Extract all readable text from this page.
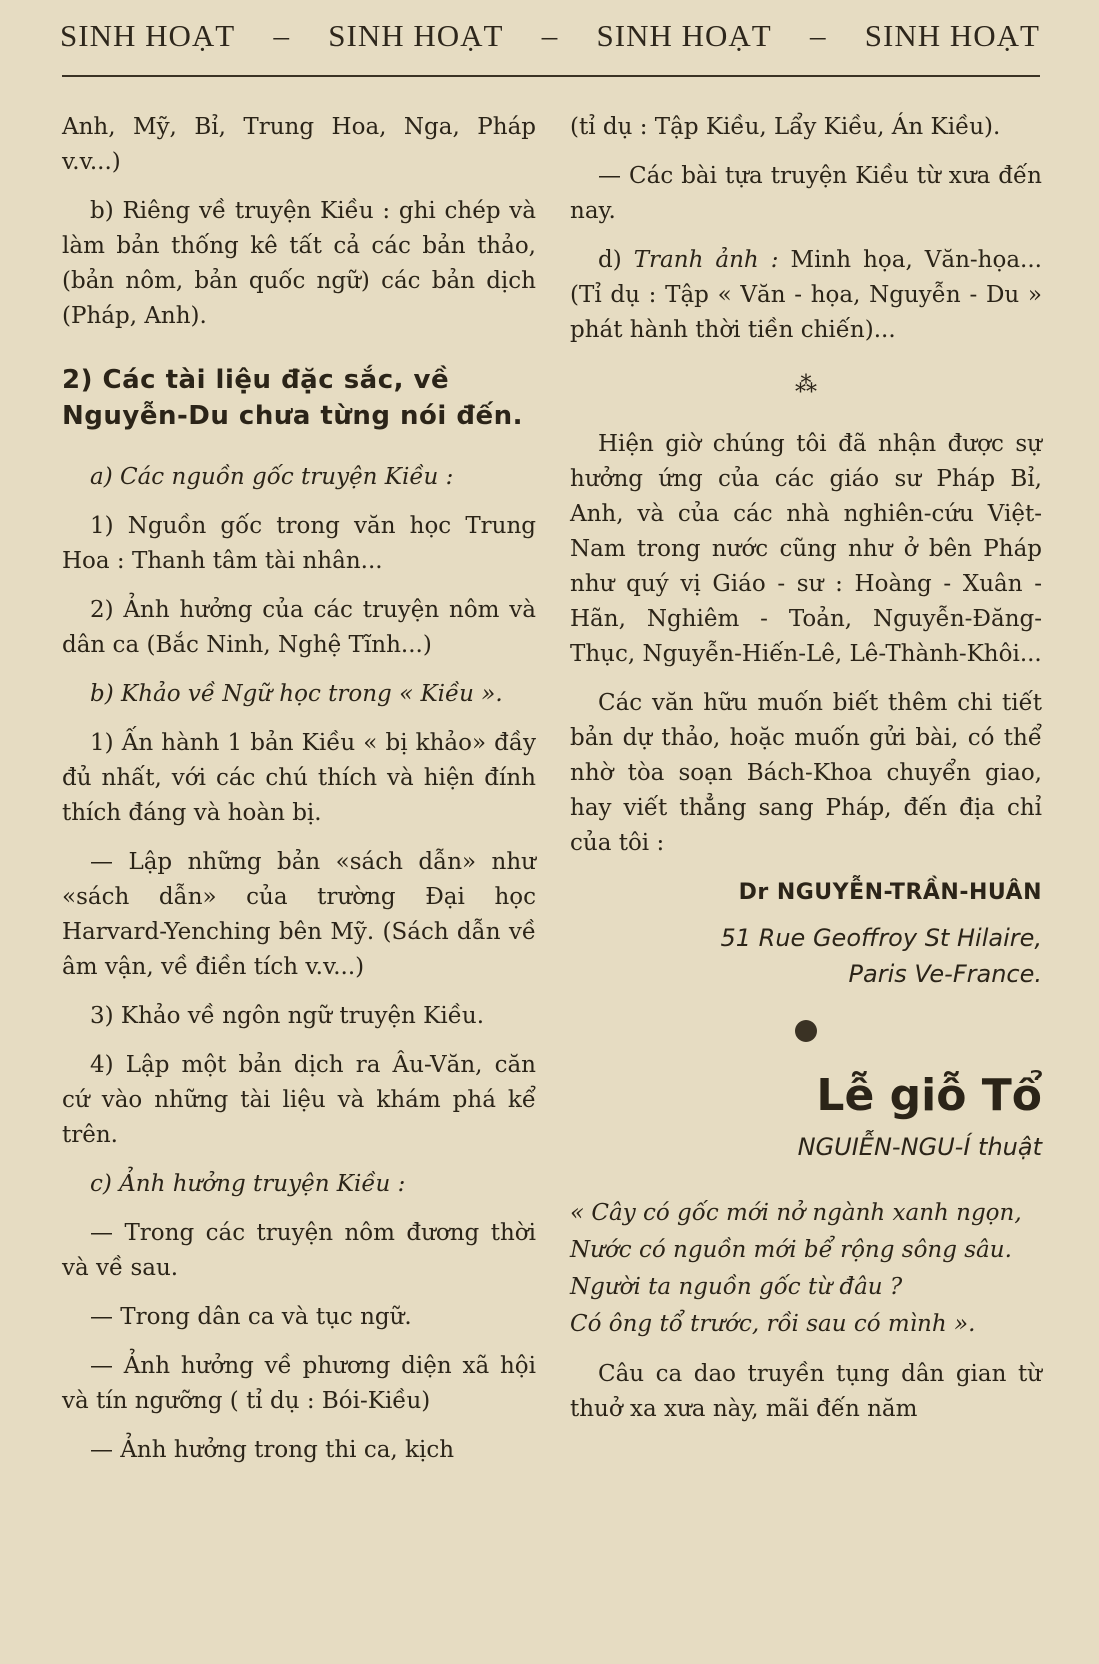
SINH HOẠT – SINH HOẠT – SINH HOẠT – SINH HOẠT

Anh, Mỹ, Bỉ, Trung Hoa, Nga, Pháp v.v...)

b) Riêng về truyện Kiều : ghi chép và làm bản thống kê tất cả các bản thảo, (bản nôm, bản quốc ngữ) các bản dịch (Pháp, Anh).

2) Các tài liệu đặc sắc, về Nguyễn-Du chưa từng nói đến.

a) Các nguồn gốc truyện Kiều :

1) Nguồn gốc trong văn học Trung Hoa : Thanh tâm tài nhân...

2) Ảnh hưởng của các truyện nôm và dân ca (Bắc Ninh, Nghệ Tĩnh...)

b) Khảo về Ngữ học trong « Kiều ».

1) Ấn hành 1 bản Kiều « bị khảo» đầy đủ nhất, với các chú thích và hiện đính thích đáng và hoàn bị.

— Lập những bản «sách dẫn» như «sách dẫn» của trường Đại học Harvard-Yenching bên Mỹ. (Sách dẫn về âm vận, về điền tích v.v...)

3) Khảo về ngôn ngữ truyện Kiều.

4) Lập một bản dịch ra Âu-Văn, căn cứ vào những tài liệu và khám phá kể trên.

c) Ảnh hưởng truyện Kiều :

— Trong các truyện nôm đương thời và về sau.

— Trong dân ca và tục ngữ.

— Ảnh hưởng về phương diện xã hội và tín ngưỡng ( tỉ dụ : Bói-Kiều)

— Ảnh hưởng trong thi ca, kịch

(tỉ dụ : Tập Kiều, Lẩy Kiều, Án Kiều).

— Các bài tựa truyện Kiều từ xưa đến nay.

d) Tranh ảnh : Minh họa, Văn-họa... (Tỉ dụ : Tập « Văn - họa, Nguyễn - Du » phát hành thời tiền chiến)...

⁂

Hiện giờ chúng tôi đã nhận được sự hưởng ứng của các giáo sư Pháp Bỉ, Anh, và của các nhà nghiên-cứu Việt-Nam trong nước cũng như ở bên Pháp như quý vị Giáo - sư : Hoàng - Xuân - Hãn, Nghiêm - Toản, Nguyễn-Đăng-Thục, Nguyễn-Hiến-Lê, Lê-Thành-Khôi...

Các văn hữu muốn biết thêm chi tiết bản dự thảo, hoặc muốn gửi bài, có thể nhờ tòa soạn Bách-Khoa chuyển giao, hay viết thẳng sang Pháp, đến địa chỉ của tôi :

Dr NGUYỄN-TRẦN-HUÂN
51 Rue Geoffroy St Hilaire,
Paris Ve-France.
Lễ giỗ Tổ
NGUIỄN-NGU-Í thuật
« Cây có gốc mới nở ngành xanh ngọn,
Nước có nguồn mới bể rộng sông sâu.
Người ta nguồn gốc từ đâu ?
Có ông tổ trước, rồi sau có mình ».

Câu ca dao truyền tụng dân gian từ thuở xa xưa này, mãi đến năm
